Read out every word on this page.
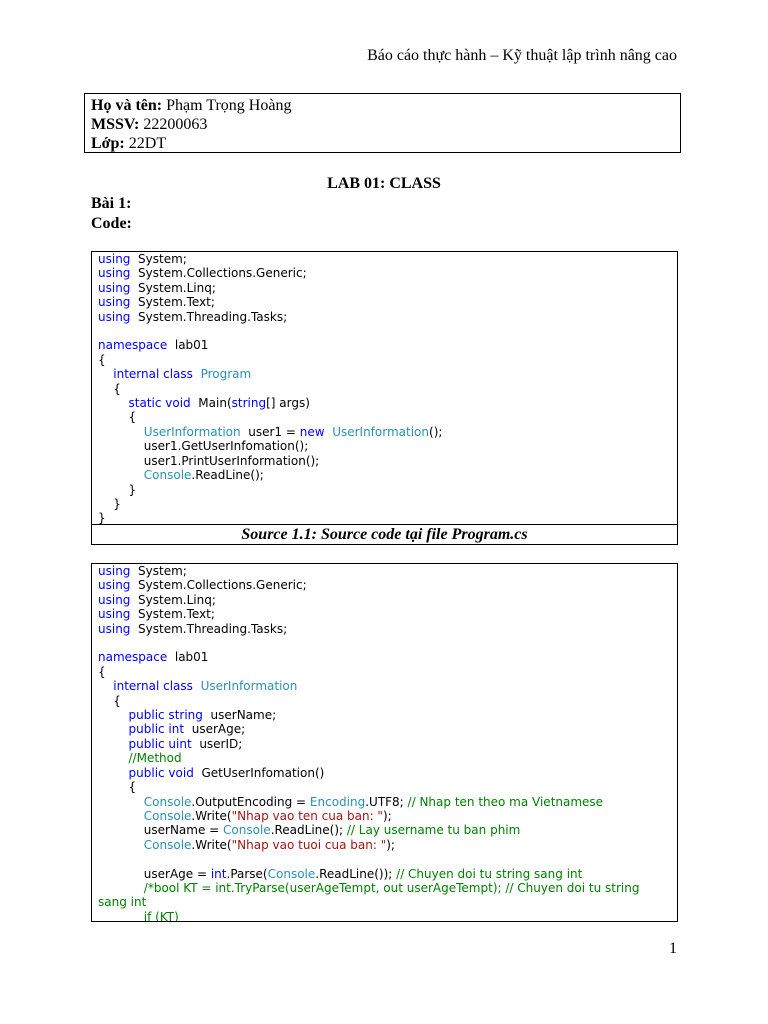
Báo cáo thực hành – Kỹ thuật lập trình nâng cao
Họ và tên: Phạm Trọng Hoàng
MSSV: 22200063
Lớp: 22DT
LAB 01: CLASS
Bài 1:
Code:
using  System;
using  System.Collections.Generic;
using  System.Linq;
using  System.Text;
using  System.Threading.Tasks;

namespace  lab01
{
internal class Program
{
static void  Main(string[] args)
{
UserInformation  user1 = new UserInformation();
user1.GetUserInfomation();
user1.PrintUserInformation();
Console.ReadLine();
}
}
}
Source 1.1: Source code tại file Program.cs
using  System;
using  System.Collections.Generic;
using  System.Linq;
using  System.Text;
using  System.Threading.Tasks;

namespace  lab01
{
internal class UserInformation
{
public string  userName;
public int  userAge;
public uint  userID;
//Method
public void  GetUserInfomation()
{
Console.OutputEncoding = Encoding.UTF8; // Nhap ten theo ma Vietnamese
Console.Write("Nhap vao ten cua ban: ");
userName = Console.ReadLine(); // Lay username tu ban phim
Console.Write("Nhap vao tuoi cua ban: ");

userAge = int.Parse(Console.ReadLine()); // Chuyen doi tu string sang int
/*bool KT = int.TryParse(userAgeTempt, out userAgeTempt); // Chuyen doi tu string
sang int
if (KT)
1
